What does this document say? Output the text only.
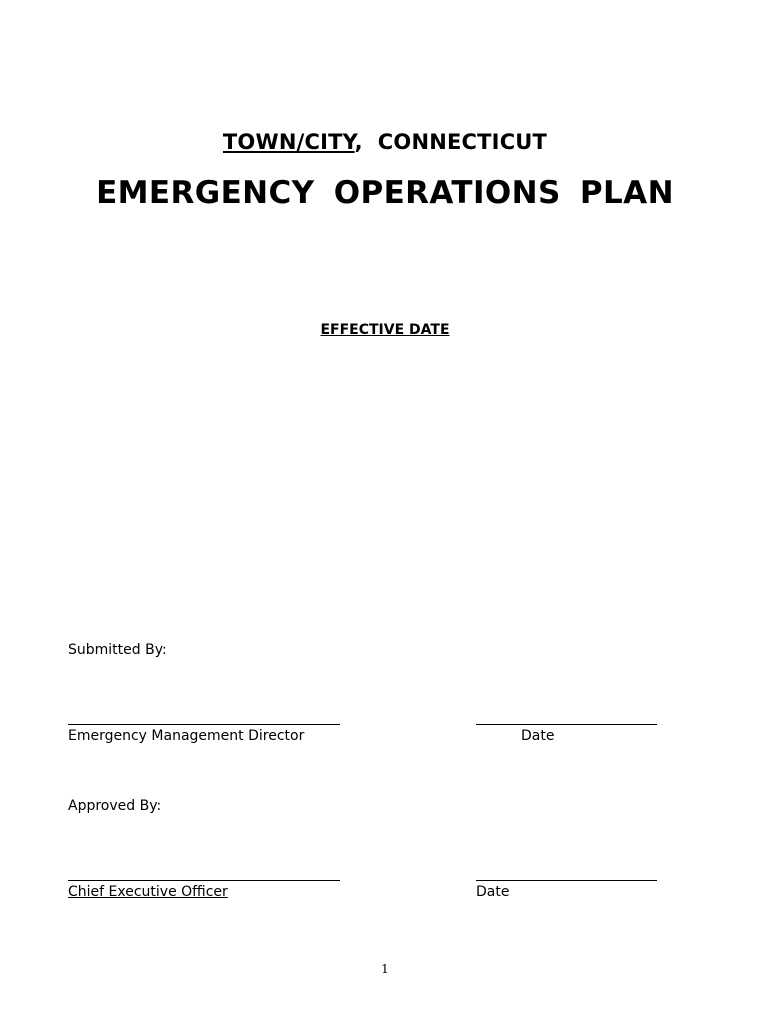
TOWN/CITY,  CONNECTICUT
EMERGENCY OPERATIONS PLAN
EFFECTIVE DATE
Submitted By:
Emergency Management Director	Date
Approved By:
Chief Executive Officer	Date
1
